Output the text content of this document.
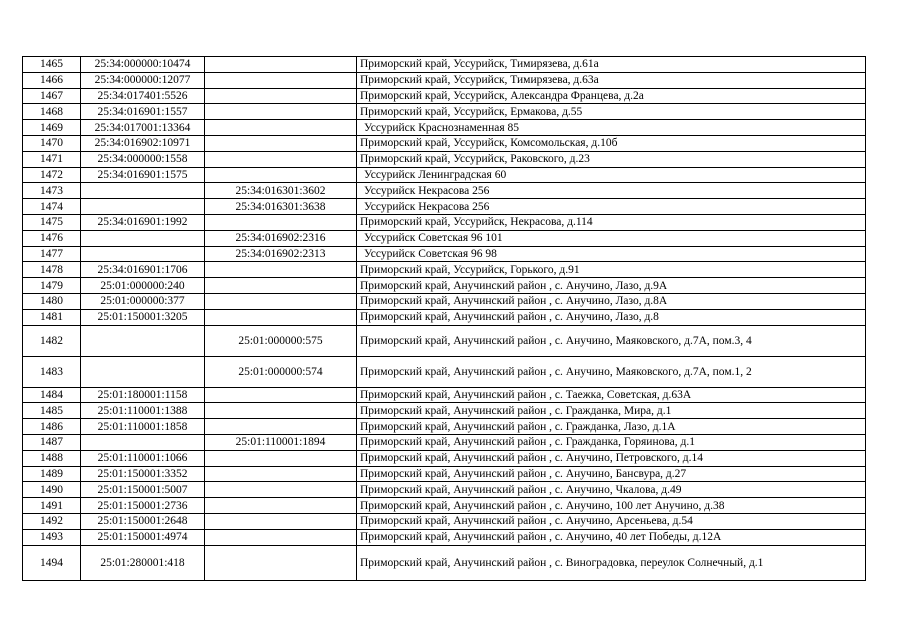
1465	25:34:000000:10474		Приморский край, Уссурийск, Тимирязева, д.61а
1466	25:34:000000:12077		Приморский край, Уссурийск, Тимирязева, д.63а
1467	25:34:017401:5526		Приморский край, Уссурийск, Александра Францева, д.2а
1468	25:34:016901:1557		Приморский край, Уссурийск, Ермакова, д.55
1469	25:34:017001:13364		Уссурийск Краснознаменная 85
1470	25:34:016902:10971		Приморский край, Уссурийск, Комсомольская, д.10б
1471	25:34:000000:1558		Приморский край, Уссурийск, Раковского, д.23
1472	25:34:016901:1575		Уссурийск Ленинградская 60
1473		25:34:016301:3602	Уссурийск Некрасова 256
1474		25:34:016301:3638	Уссурийск Некрасова 256
1475	25:34:016901:1992		Приморский край, Уссурийск, Некрасова, д.114
1476		25:34:016902:2316	Уссурийск Советская 96 101
1477		25:34:016902:2313	Уссурийск Советская 96 98
1478	25:34:016901:1706		Приморский край, Уссурийск, Горького, д.91
1479	25:01:000000:240		Приморский край, Анучинский район , с. Анучино, Лазо, д.9А
1480	25:01:000000:377		Приморский край, Анучинский район , с. Анучино, Лазо, д.8А
1481	25:01:150001:3205		Приморский край, Анучинский район , с. Анучино, Лазо, д.8
1482		25:01:000000:575	Приморский край, Анучинский район , с. Анучино, Маяковского, д.7А, пом.3, 4
1483		25:01:000000:574	Приморский край, Анучинский район , с. Анучино, Маяковского, д.7А, пом.1, 2
1484	25:01:180001:1158		Приморский край, Анучинский район , с. Таежка, Советская, д.63А
1485	25:01:110001:1388		Приморский край, Анучинский район , с. Гражданка, Мира, д.1
1486	25:01:110001:1858		Приморский край, Анучинский район , с. Гражданка, Лазо, д.1А
1487		25:01:110001:1894	Приморский край, Анучинский район , с. Гражданка, Горяинова, д.1
1488	25:01:110001:1066		Приморский край, Анучинский район , с. Анучино, Петровского, д.14
1489	25:01:150001:3352		Приморский край, Анучинский район , с. Анучино, Бансвура, д.27
1490	25:01:150001:5007		Приморский край, Анучинский район , с. Анучино, Чкалова, д.49
1491	25:01:150001:2736		Приморский край, Анучинский район , с. Анучино, 100 лет Анучино, д.38
1492	25:01:150001:2648		Приморский край, Анучинский район , с. Анучино, Арсеньева, д.54
1493	25:01:150001:4974		Приморский край, Анучинский район , с. Анучино, 40 лет Победы, д.12А
1494	25:01:280001:418		Приморский край, Анучинский район , с. Виноградовка, переулок Солнечный, д.1
